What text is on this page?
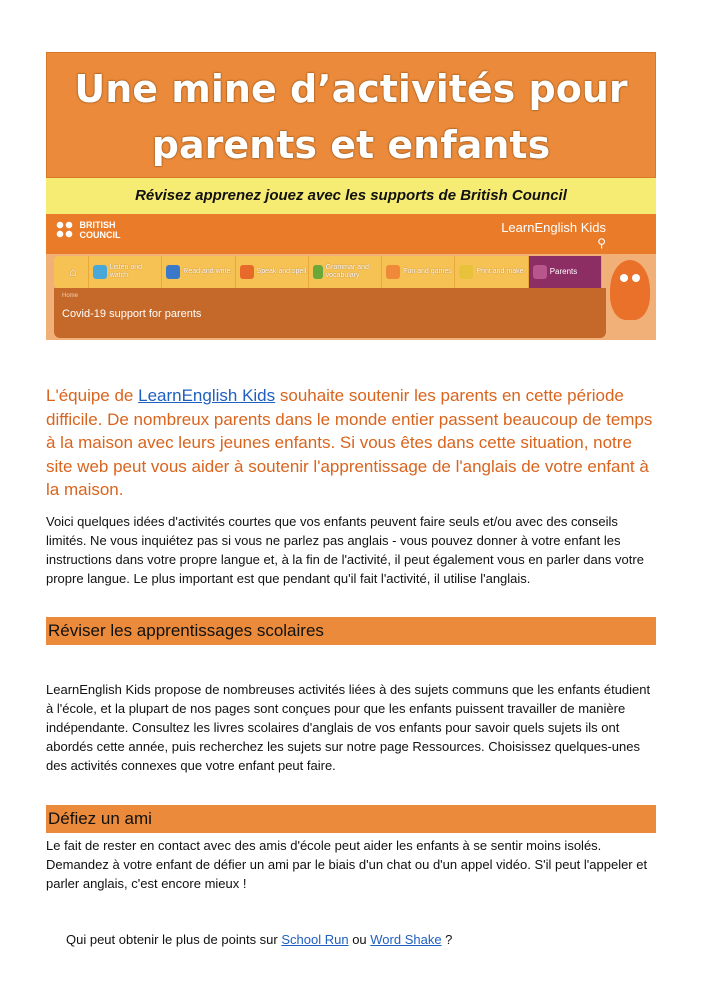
Une mine d’activités pour
parents et enfants
Révisez apprenez jouez avec les supports de British Council
BRITISH
COUNCIL	LearnEnglish Kids
⚲
⌂	Listen and watch
Read and write	Speak and spell
Grammar and vocabulary
Fun and games	Print and make	Parents
Home
Covid-19 support for parents
L'équipe de LearnEnglish Kids souhaite soutenir les parents en cette période difficile. De nombreux parents dans le monde entier passent beaucoup de temps à la maison avec leurs jeunes enfants. Si vous êtes dans cette situation, notre site web peut vous aider à soutenir l'apprentissage de l'anglais de votre enfant à la maison.
Voici quelques idées d'activités courtes que vos enfants peuvent faire seuls et/ou avec des conseils limités. Ne vous inquiétez pas si vous ne parlez pas anglais - vous pouvez donner à votre enfant les instructions dans votre propre langue et, à la fin de l'activité, il peut également vous en parler dans votre propre langue. Le plus important est que pendant qu'il fait l'activité, il utilise l'anglais.
Réviser les apprentissages scolaires
LearnEnglish Kids propose de nombreuses activités liées à des sujets communs que les enfants étudient à l'école, et la plupart de nos pages sont conçues pour que les enfants puissent travailler de manière indépendante. Consultez les livres scolaires d'anglais de vos enfants pour savoir quels sujets ils ont abordés cette année, puis recherchez les sujets sur notre page Ressources. Choisissez quelques-unes des activités connexes que votre enfant peut faire.
Défiez un ami
Le fait de rester en contact avec des amis d'école peut aider les enfants à se sentir moins isolés. Demandez à votre enfant de défier un ami par le biais d'un chat ou d'un appel vidéo. S'il peut l'appeler et parler anglais, c'est encore mieux !
Qui peut obtenir le plus de points sur School Run ou Word Shake ?
